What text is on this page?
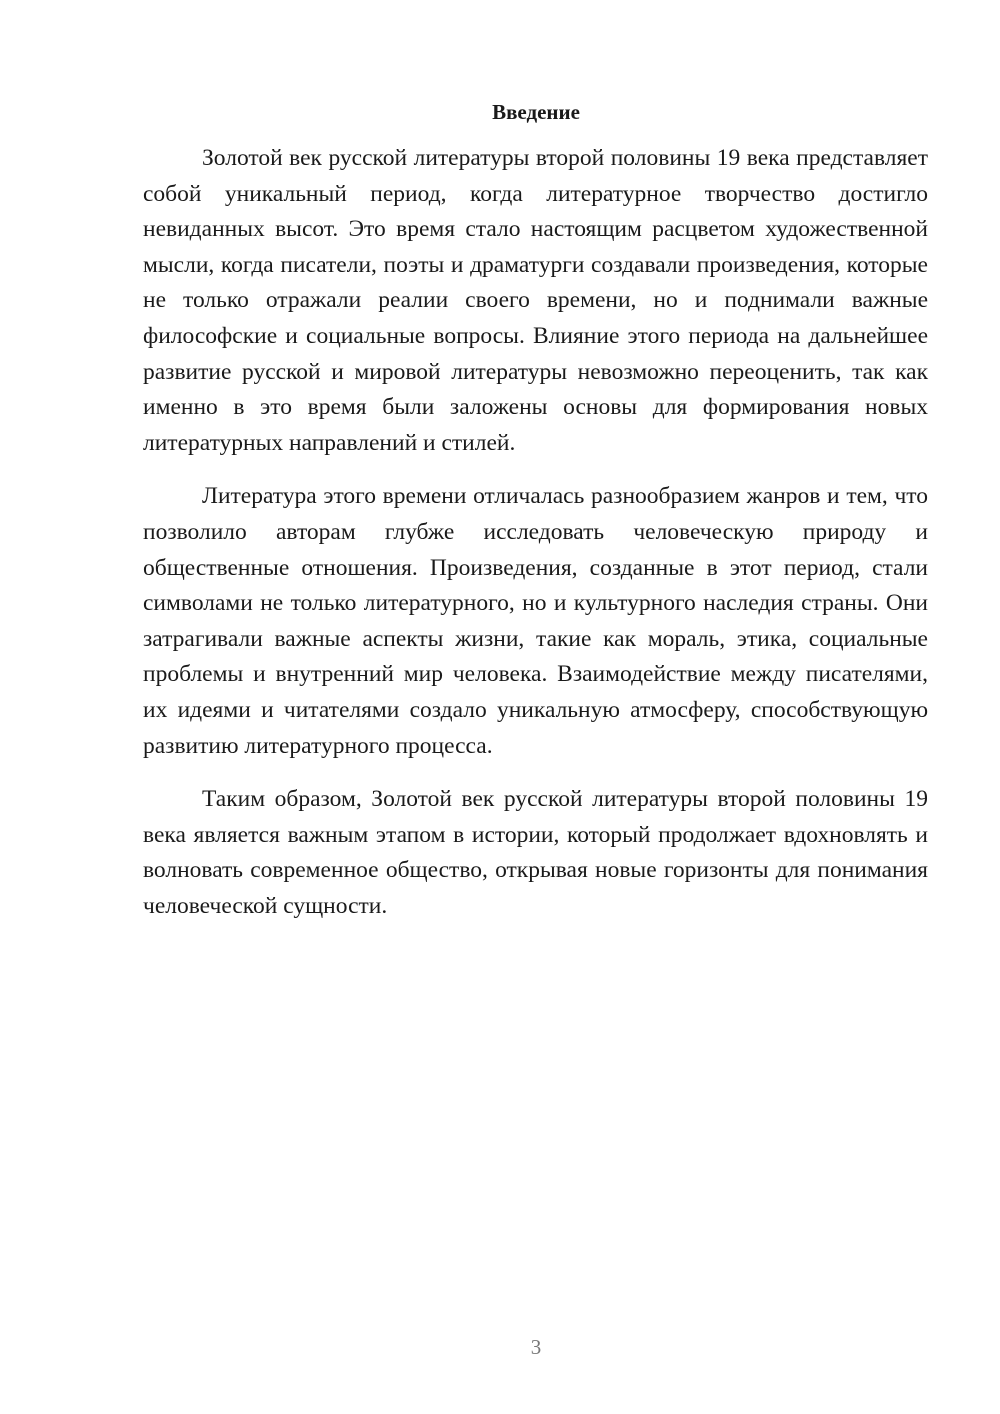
Введение

Золотой век русской литературы второй половины 19 века представляет собой уникальный период, когда литературное творчество достигло невиданных высот. Это время стало настоящим расцветом художественной мысли, когда писатели, поэты и драматурги создавали произведения, которые не только отражали реалии своего времени, но и поднимали важные философские и социальные вопросы. Влияние этого периода на дальнейшее развитие русской и мировой литературы невозможно переоценить, так как именно в это время были заложены основы для формирования новых литературных направлений и стилей.

Литература этого времени отличалась разнообразием жанров и тем, что позволило авторам глубже исследовать человеческую природу и общественные отношения. Произведения, созданные в этот период, стали символами не только литературного, но и культурного наследия страны. Они затрагивали важные аспекты жизни, такие как мораль, этика, социальные проблемы и внутренний мир человека. Взаимодействие между писателями, их идеями и читателями создало уникальную атмосферу, способствующую развитию литературного процесса.

Таким образом, Золотой век русской литературы второй половины 19 века является важным этапом в истории, который продолжает вдохновлять и волновать современное общество, открывая новые горизонты для понимания человеческой сущности.

3
